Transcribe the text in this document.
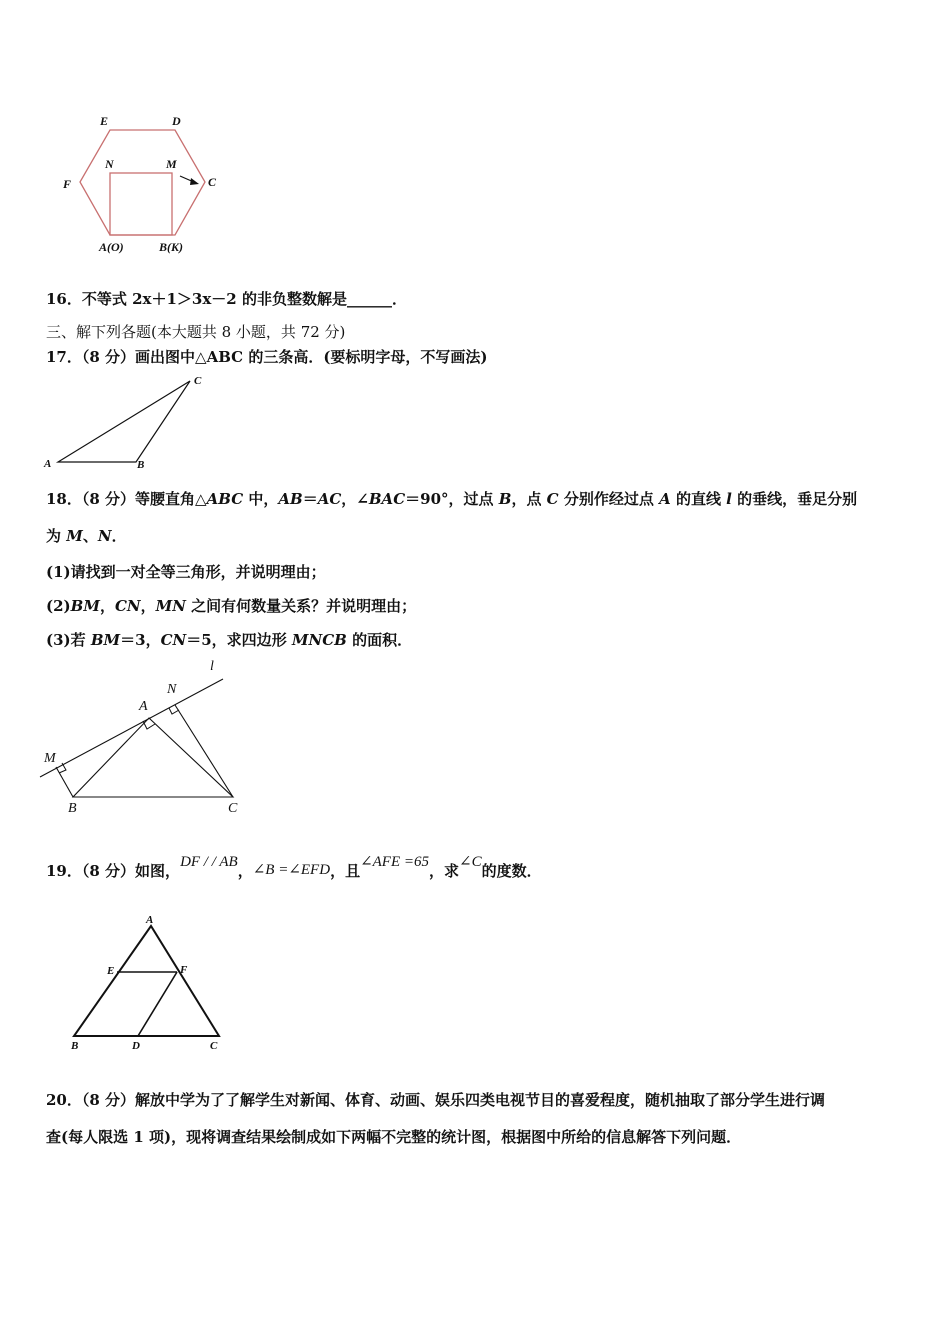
E	D
N	M
F	C
A(O)	B(K)
16．不等式 2x＋1＞3x－2 的非负整数解是______．
三、解下列各题(本大题共 8 小题，共 72 分)
17．（8 分）画出图中△ABC 的三条高．(要标明字母，不写画法)
A	B
C
18．（8 分）等腰直角△ABC 中，AB＝AC，∠BAC＝90°，过点 B，点 C 分别作经过点 A 的直线 l 的垂线，垂足分别
为 M、N．
(1)请找到一对全等三角形，并说明理由；
(2)BM，CN，MN 之间有何数量关系？并说明理由；
(3)若 BM＝3，CN＝5，求四边形 MNCB 的面积．
l
A
N
M
B	C
19．（8 分）如图，DF / / AB，∠B =∠EFD，且∠AFE =65，求∠C的度数．
A
E	F
B	D	C
20．（8 分）解放中学为了了解学生对新闻、体育、动画、娱乐四类电视节目的喜爱程度，随机抽取了部分学生进行调
查(每人限选 1 项)，现将调查结果绘制成如下两幅不完整的统计图，根据图中所给的信息解答下列问题．
